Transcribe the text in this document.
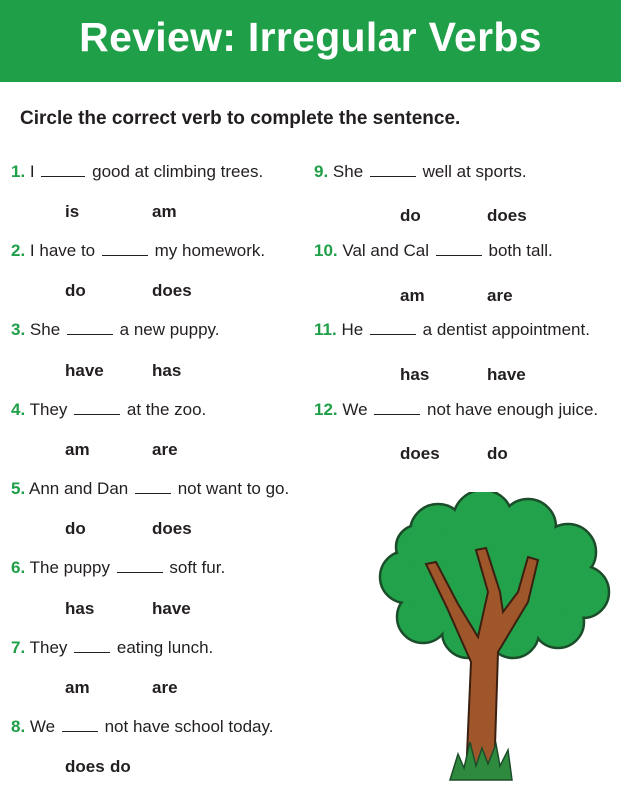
Review: Irregular Verbs
Circle the correct verb to complete the sentence.
1. I	good at climbing trees.
is	am
2. I have to	my homework.
do	does
3. She	a new puppy.
have	has
4. They	at the zoo.
am	are
5. Ann and Dan	not want to go.
do	does
6. The puppy	soft fur.
has	have
7. They	eating lunch.
am	are
8. We	not have school today.
does do
9. She	well at sports.
do	does
10. Val and Cal	both tall.
am	are
11. He	a dentist appointment.
has	have
12. We	not have enough juice.
does	do
